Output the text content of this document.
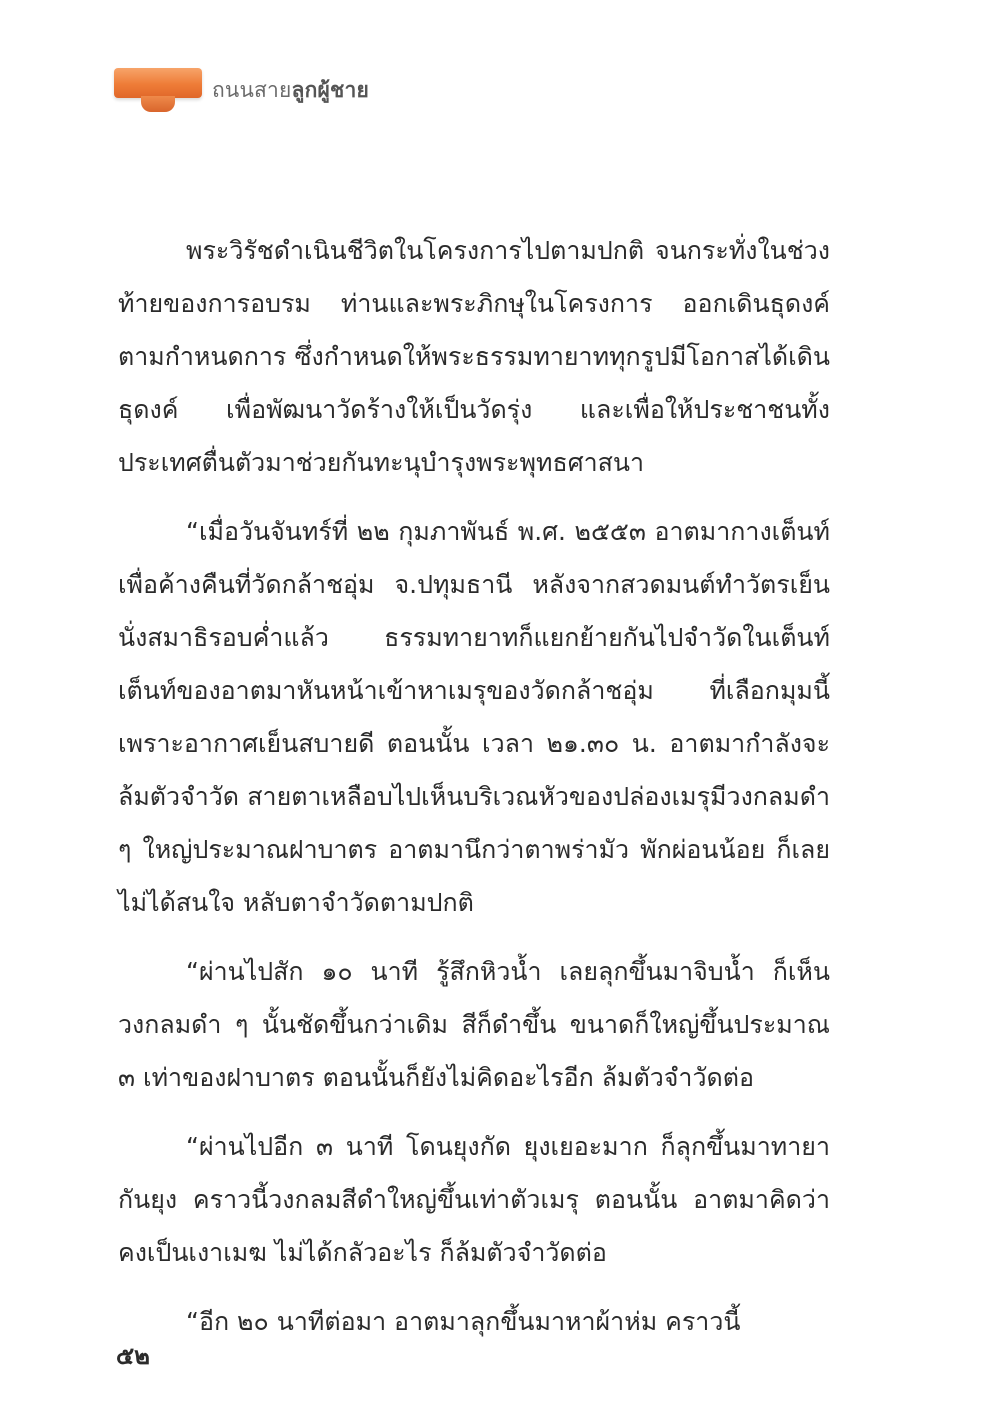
ถนนสายลูกผู้ชาย

พระวิรัชดำเนินชีวิตในโครงการไปตามปกติ จนกระทั่งในช่วงท้ายของการอบรม ท่านและพระภิกษุในโครงการ ออกเดินธุดงค์ตามกำหนดการ ซึ่งกำหนดให้พระธรรมทายาททุกรูปมีโอกาสได้เดินธุดงค์ เพื่อพัฒนาวัดร้างให้เป็นวัดรุ่ง และเพื่อให้ประชาชนทั้งประเทศตื่นตัวมาช่วยกันทะนุบำรุงพระพุทธศาสนา

“เมื่อวันจันทร์ที่ ๒๒ กุมภาพันธ์ พ.ศ. ๒๕๕๓ อาตมากางเต็นท์เพื่อค้างคืนที่วัดกล้าชอุ่ม จ.ปทุมธานี หลังจากสวดมนต์ทำวัตรเย็น นั่งสมาธิรอบค่ำแล้ว ธรรมทายาทก็แยกย้ายกันไปจำวัดในเต็นท์ เต็นท์ของอาตมาหันหน้าเข้าหาเมรุของวัดกล้าชอุ่ม ที่เลือกมุมนี้ เพราะอากาศเย็นสบายดี ตอนนั้น เวลา ๒๑.๓๐ น. อาตมากำลังจะล้มตัวจำวัด สายตาเหลือบไปเห็นบริเวณหัวของปล่องเมรุมีวงกลมดำ ๆ ใหญ่ประมาณฝาบาตร อาตมานึกว่าตาพร่ามัว พักผ่อนน้อย ก็เลยไม่ได้สนใจ หลับตาจำวัดตามปกติ

“ผ่านไปสัก ๑๐ นาที รู้สึกหิวน้ำ เลยลุกขึ้นมาจิบน้ำ ก็เห็นวงกลมดำ ๆ นั้นชัดขึ้นกว่าเดิม สีก็ดำขึ้น ขนาดก็ใหญ่ขึ้นประมาณ ๓ เท่าของฝาบาตร ตอนนั้นก็ยังไม่คิดอะไรอีก ล้มตัวจำวัดต่อ

“ผ่านไปอีก ๓ นาที โดนยุงกัด ยุงเยอะมาก ก็ลุกขึ้นมาทายากันยุง คราวนี้วงกลมสีดำใหญ่ขึ้นเท่าตัวเมรุ ตอนนั้น อาตมาคิดว่าคงเป็นเงาเมฆ ไม่ได้กลัวอะไร ก็ล้มตัวจำวัดต่อ

“อีก ๒๐ นาทีต่อมา อาตมาลุกขึ้นมาหาผ้าห่ม คราวนี้

๕๒
